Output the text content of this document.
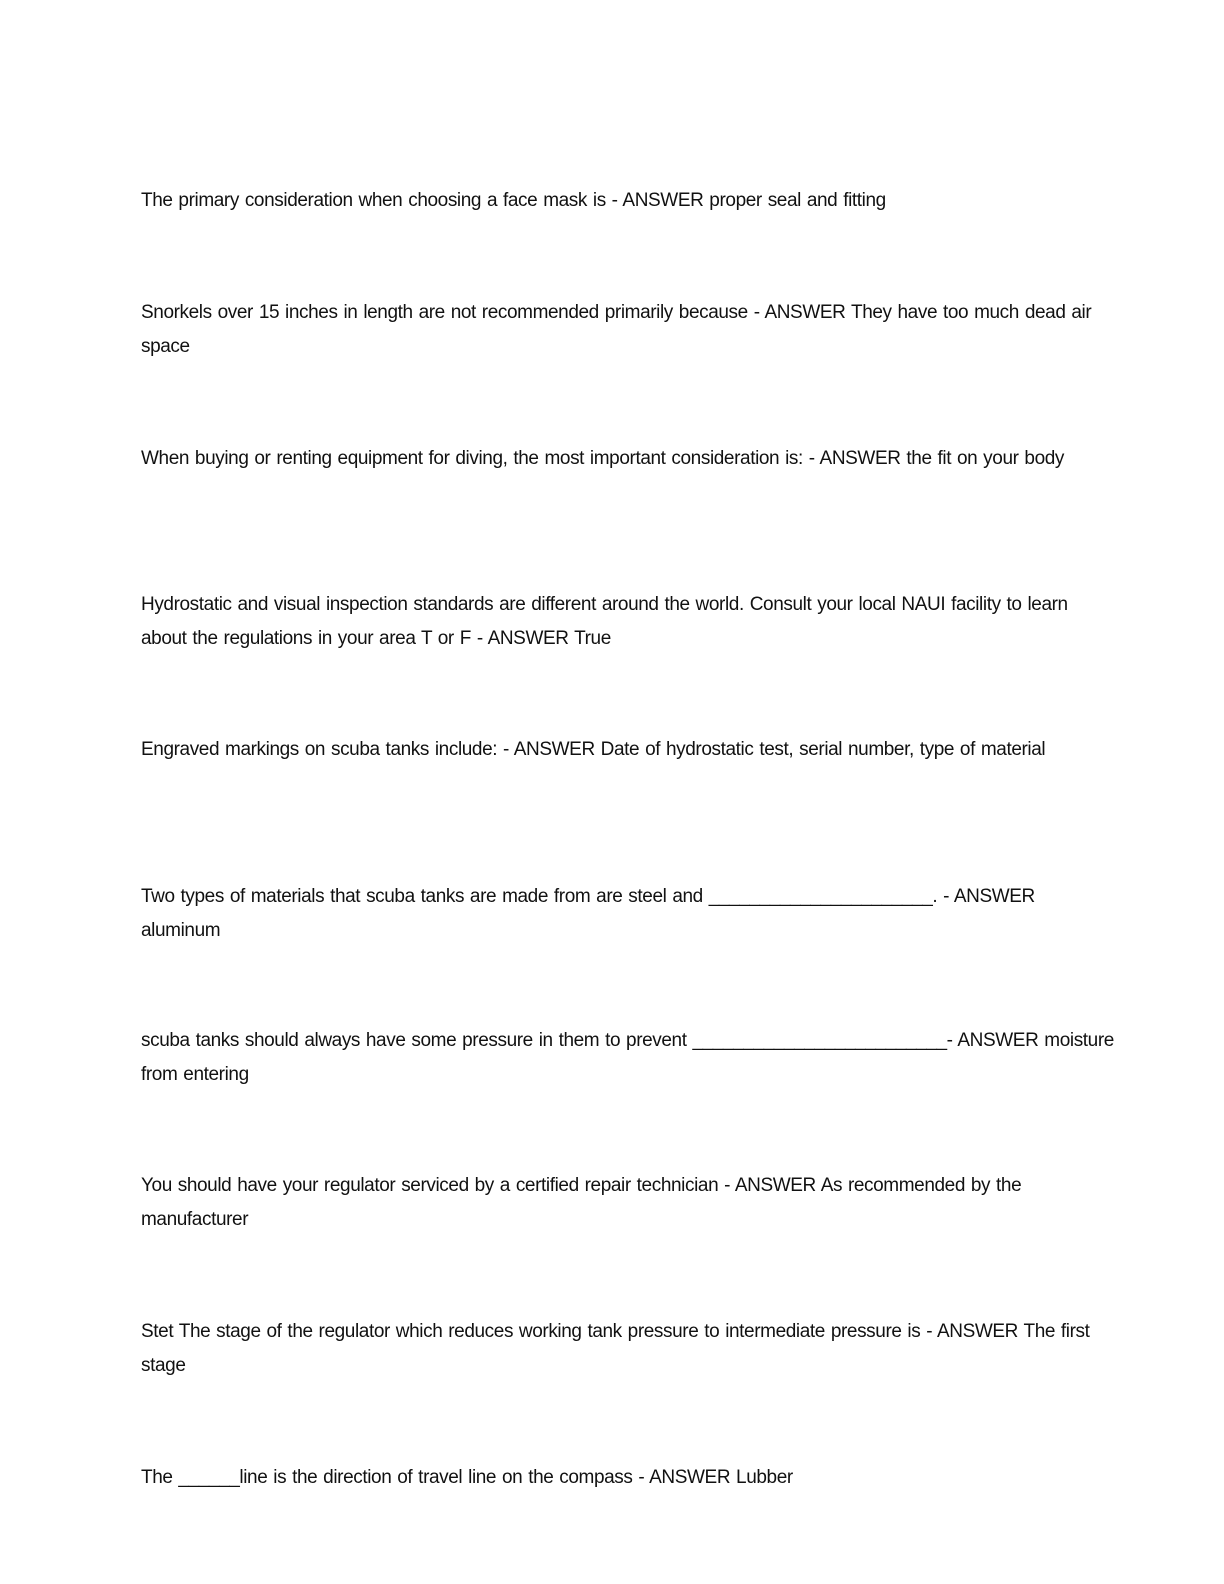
The primary consideration when choosing a face mask is - ANSWER proper seal and fitting

Snorkels over 15 inches in length are not recommended primarily because - ANSWER They have too much dead air space

When buying or renting equipment for diving, the most important consideration is: - ANSWER the fit on your body

Hydrostatic and visual inspection standards are different around the world. Consult your local NAUI facility to learn about the regulations in your area T or F - ANSWER True

Engraved markings on scuba tanks include: - ANSWER Date of hydrostatic test, serial number, type of material

Two types of materials that scuba tanks are made from are steel and ______________________. - ANSWER aluminum

scuba tanks should always have some pressure in them to prevent _________________________- ANSWER moisture from entering

You should have your regulator serviced by a certified repair technician - ANSWER As recommended by the manufacturer

Stet The stage of the regulator which reduces working tank pressure to intermediate pressure is - ANSWER The first stage

The ______line is the direction of travel line on the compass - ANSWER Lubber
